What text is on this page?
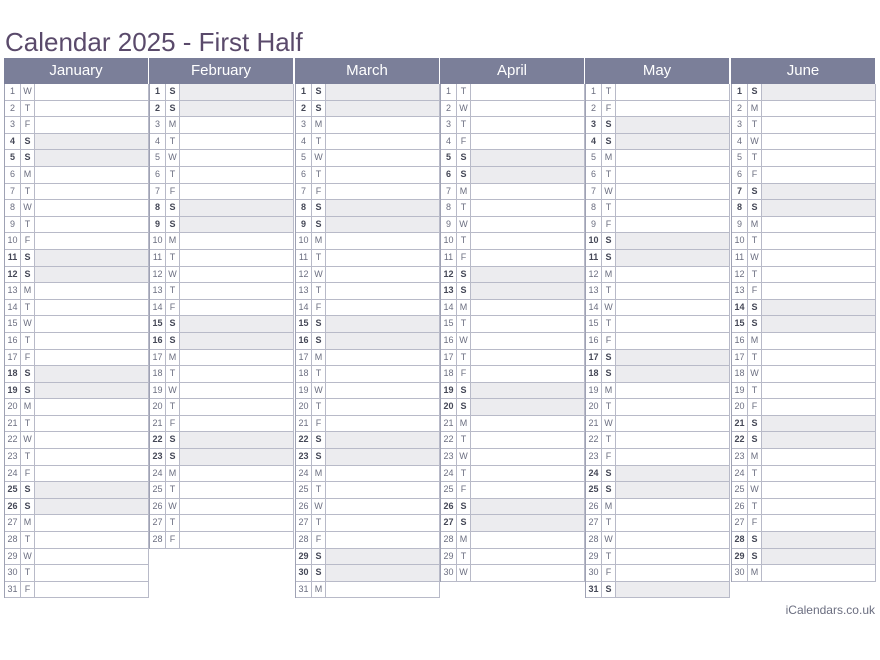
Calendar 2025 - First Half
January
1 W
2	T
3	F
4	S
5	S
6 M
7	T
8 W
9	T
10 F
11 S
12 S
13 M
14 T
15 W
16 T
17 F
18 S
19 S
20 M
21 T
22 W
23 T
24 F
25 S
26 S
27 M
28 T
29 W
30 T
31 F
February
1	S
2	S
3 M
4	T
5 W
6	T
7	F
8	S
9	S
10 M
11 T
12 W
13 T
14 F
15 S
16 S
17 M
18 T
19 W
20 T
21 F
22 S
23 S
24 M
25 T
26 W
27 T
28 F
March
1	S
2	S
3 M
4	T
5 W
6	T
7	F
8	S
9	S
10 M
11 T
12 W
13 T
14 F
15 S
16 S
17 M
18 T
19 W
20 T
21 F
22 S
23 S
24 M
25 T
26 W
27 T
28 F
29 S
30 S
31 M
April
1	T
2 W
3	T
4	F
5	S
6	S
7 M
8	T
9 W
10 T
11 F
12 S
13 S
14 M
15 T
16 W
17 T
18 F
19 S
20 S
21 M
22 T
23 W
24 T
25 F
26 S
27 S
28 M
29 T
30 W
May
1	T
2	F
3	S
4	S
5 M
6	T
7 W
8	T
9	F
10 S
11 S
12 M
13 T
14 W
15 T
16 F
17 S
18 S
19 M
20 T
21 W
22 T
23 F
24 S
25 S
26 M
27 T
28 W
29 T
30 F
31 S
June
1	S
2 M
3	T
4 W
5	T
6	F
7	S
8	S
9 M
10 T
11 W
12 T
13 F
14 S
15 S
16 M
17 T
18 W
19 T
20 F
21 S
22 S
23 M
24 T
25 W
26 T
27 F
28 S
29 S
30 M
iCalendars.co.uk
